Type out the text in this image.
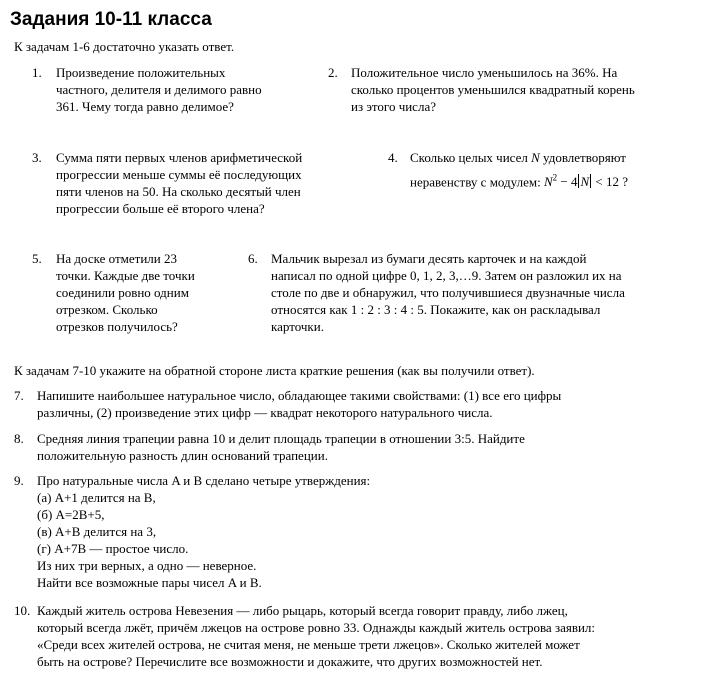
Задания 10-11 класса
К задачам 1-6 достаточно указать ответ.
1. Произведение положительных
частного, делителя и делимого равно
361. Чему тогда равно делимое?
2. Положительное число уменьшилось на 36%. На
сколько процентов уменьшился квадратный корень
из этого числа?
3. Сумма пяти первых членов арифметической
прогрессии меньше суммы её последующих
пяти членов на 50. На сколько десятый член
прогрессии больше её второго члена?
4. Сколько целых чисел N удовлетворяют
неравенству с модулем: $N^2 - 4$ N < 12 ?
5. На доске отметили 23
точки. Каждые две точки
соединили ровно одним
отрезком. Сколько
отрезков получилось?
6. Мальчик вырезал из бумаги десять карточек и на каждой
написал по одной цифре 0, 1, 2, 3,…9. Затем он разложил их на
столе по две и обнаружил, что получившиеся двузначные числа
относятся как 1 : 2 : 3 : 4 : 5. Покажите, как он раскладывал
карточки.
К задачам 7-10 укажите на обратной стороне листа краткие решения (как вы получили ответ).
7. Напишите наибольшее натуральное число, обладающее такими свойствами: (1) все его цифры
различны, (2) произведение этих цифр — квадрат некоторого натурального числа.
8. Средняя линия трапеции равна 10 и делит площадь трапеции в отношении 3:5. Найдите
положительную разность длин оснований трапеции.
9. Про натуральные числа A и B сделано четыре утверждения:
(а) A+1 делится на B,
(б) A=2B+5,
(в) A+B делится на 3,
(г) A+7B — простое число.
Из них три верных, а одно — неверное.
Найти все возможные пары чисел A и B.
10. Каждый житель острова Невезения — либо рыцарь, который всегда говорит правду, либо лжец,
который всегда лжёт, причём лжецов на острове ровно 33. Однажды каждый житель острова заявил:
«Среди всех жителей острова, не считая меня, не меньше трети лжецов». Сколько жителей может
быть на острове? Перечислите все возможности и докажите, что других возможностей нет.
